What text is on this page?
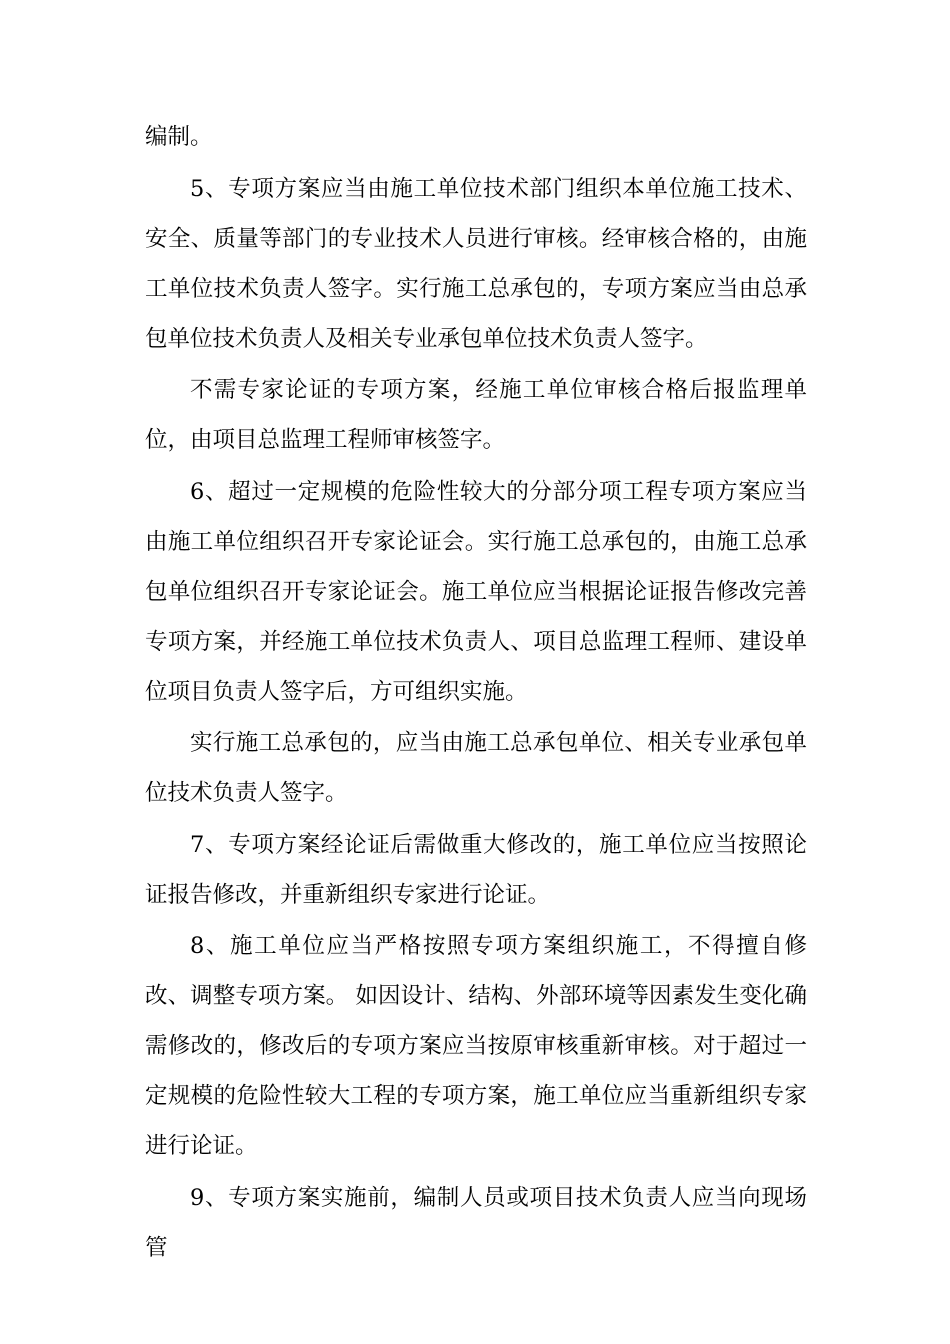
编制。

5、专项方案应当由施工单位技术部门组织本单位施工技术、安全、质量等部门的专业技术人员进行审核。经审核合格的，由施工单位技术负责人签字。实行施工总承包的，专项方案应当由总承包单位技术负责人及相关专业承包单位技术负责人签字。

不需专家论证的专项方案，经施工单位审核合格后报监理单位，由项目总监理工程师审核签字。

6、超过一定规模的危险性较大的分部分项工程专项方案应当由施工单位组织召开专家论证会。实行施工总承包的，由施工总承包单位组织召开专家论证会。施工单位应当根据论证报告修改完善专项方案，并经施工单位技术负责人、项目总监理工程师、建设单位项目负责人签字后，方可组织实施。

实行施工总承包的，应当由施工总承包单位、相关专业承包单位技术负责人签字。

7、专项方案经论证后需做重大修改的，施工单位应当按照论证报告修改，并重新组织专家进行论证。

8、施工单位应当严格按照专项方案组织施工，不得擅自修改、调整专项方案。 如因设计、结构、外部环境等因素发生变化确需修改的，修改后的专项方案应当按原审核重新审核。对于超过一定规模的危险性较大工程的专项方案，施工单位应当重新组织专家进行论证。

9、专项方案实施前，编制人员或项目技术负责人应当向现场管
